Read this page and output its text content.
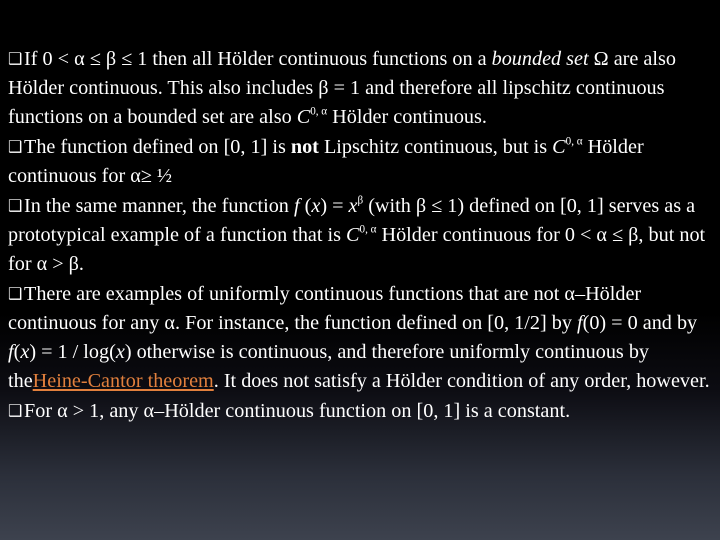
❑If 0 < α ≤ β ≤ 1 then all Hölder continuous functions on a bounded set Ω are also Hölder continuous. This also includes β = 1 and therefore all lipschitz continuous functions on a bounded set are also $C^{0, \alpha}$ Hölder continuous.

❑The function defined on [0, 1] is not Lipschitz continuous, but is $C^{0, \alpha}$ Hölder continuous for α≥ ½

❑In the same manner, the function f $(x) = x^\beta$ (with β ≤ 1) defined on [0, 1] serves as a prototypical example of a function that is $C^{0, \alpha}$ Hölder continuous for 0 < α ≤ β, but not for α > β.

❑There are examples of uniformly continuous functions that are not α–Hölder continuous for any α. For instance, the function defined on [0, 1/2] by f(0) = 0 and by f(x) = 1 / log(x) otherwise is continuous, and therefore uniformly continuous by theHeine-Cantor theorem. It does not satisfy a Hölder condition of any order, however.

❑For α > 1, any α–Hölder continuous function on [0, 1] is a constant.
